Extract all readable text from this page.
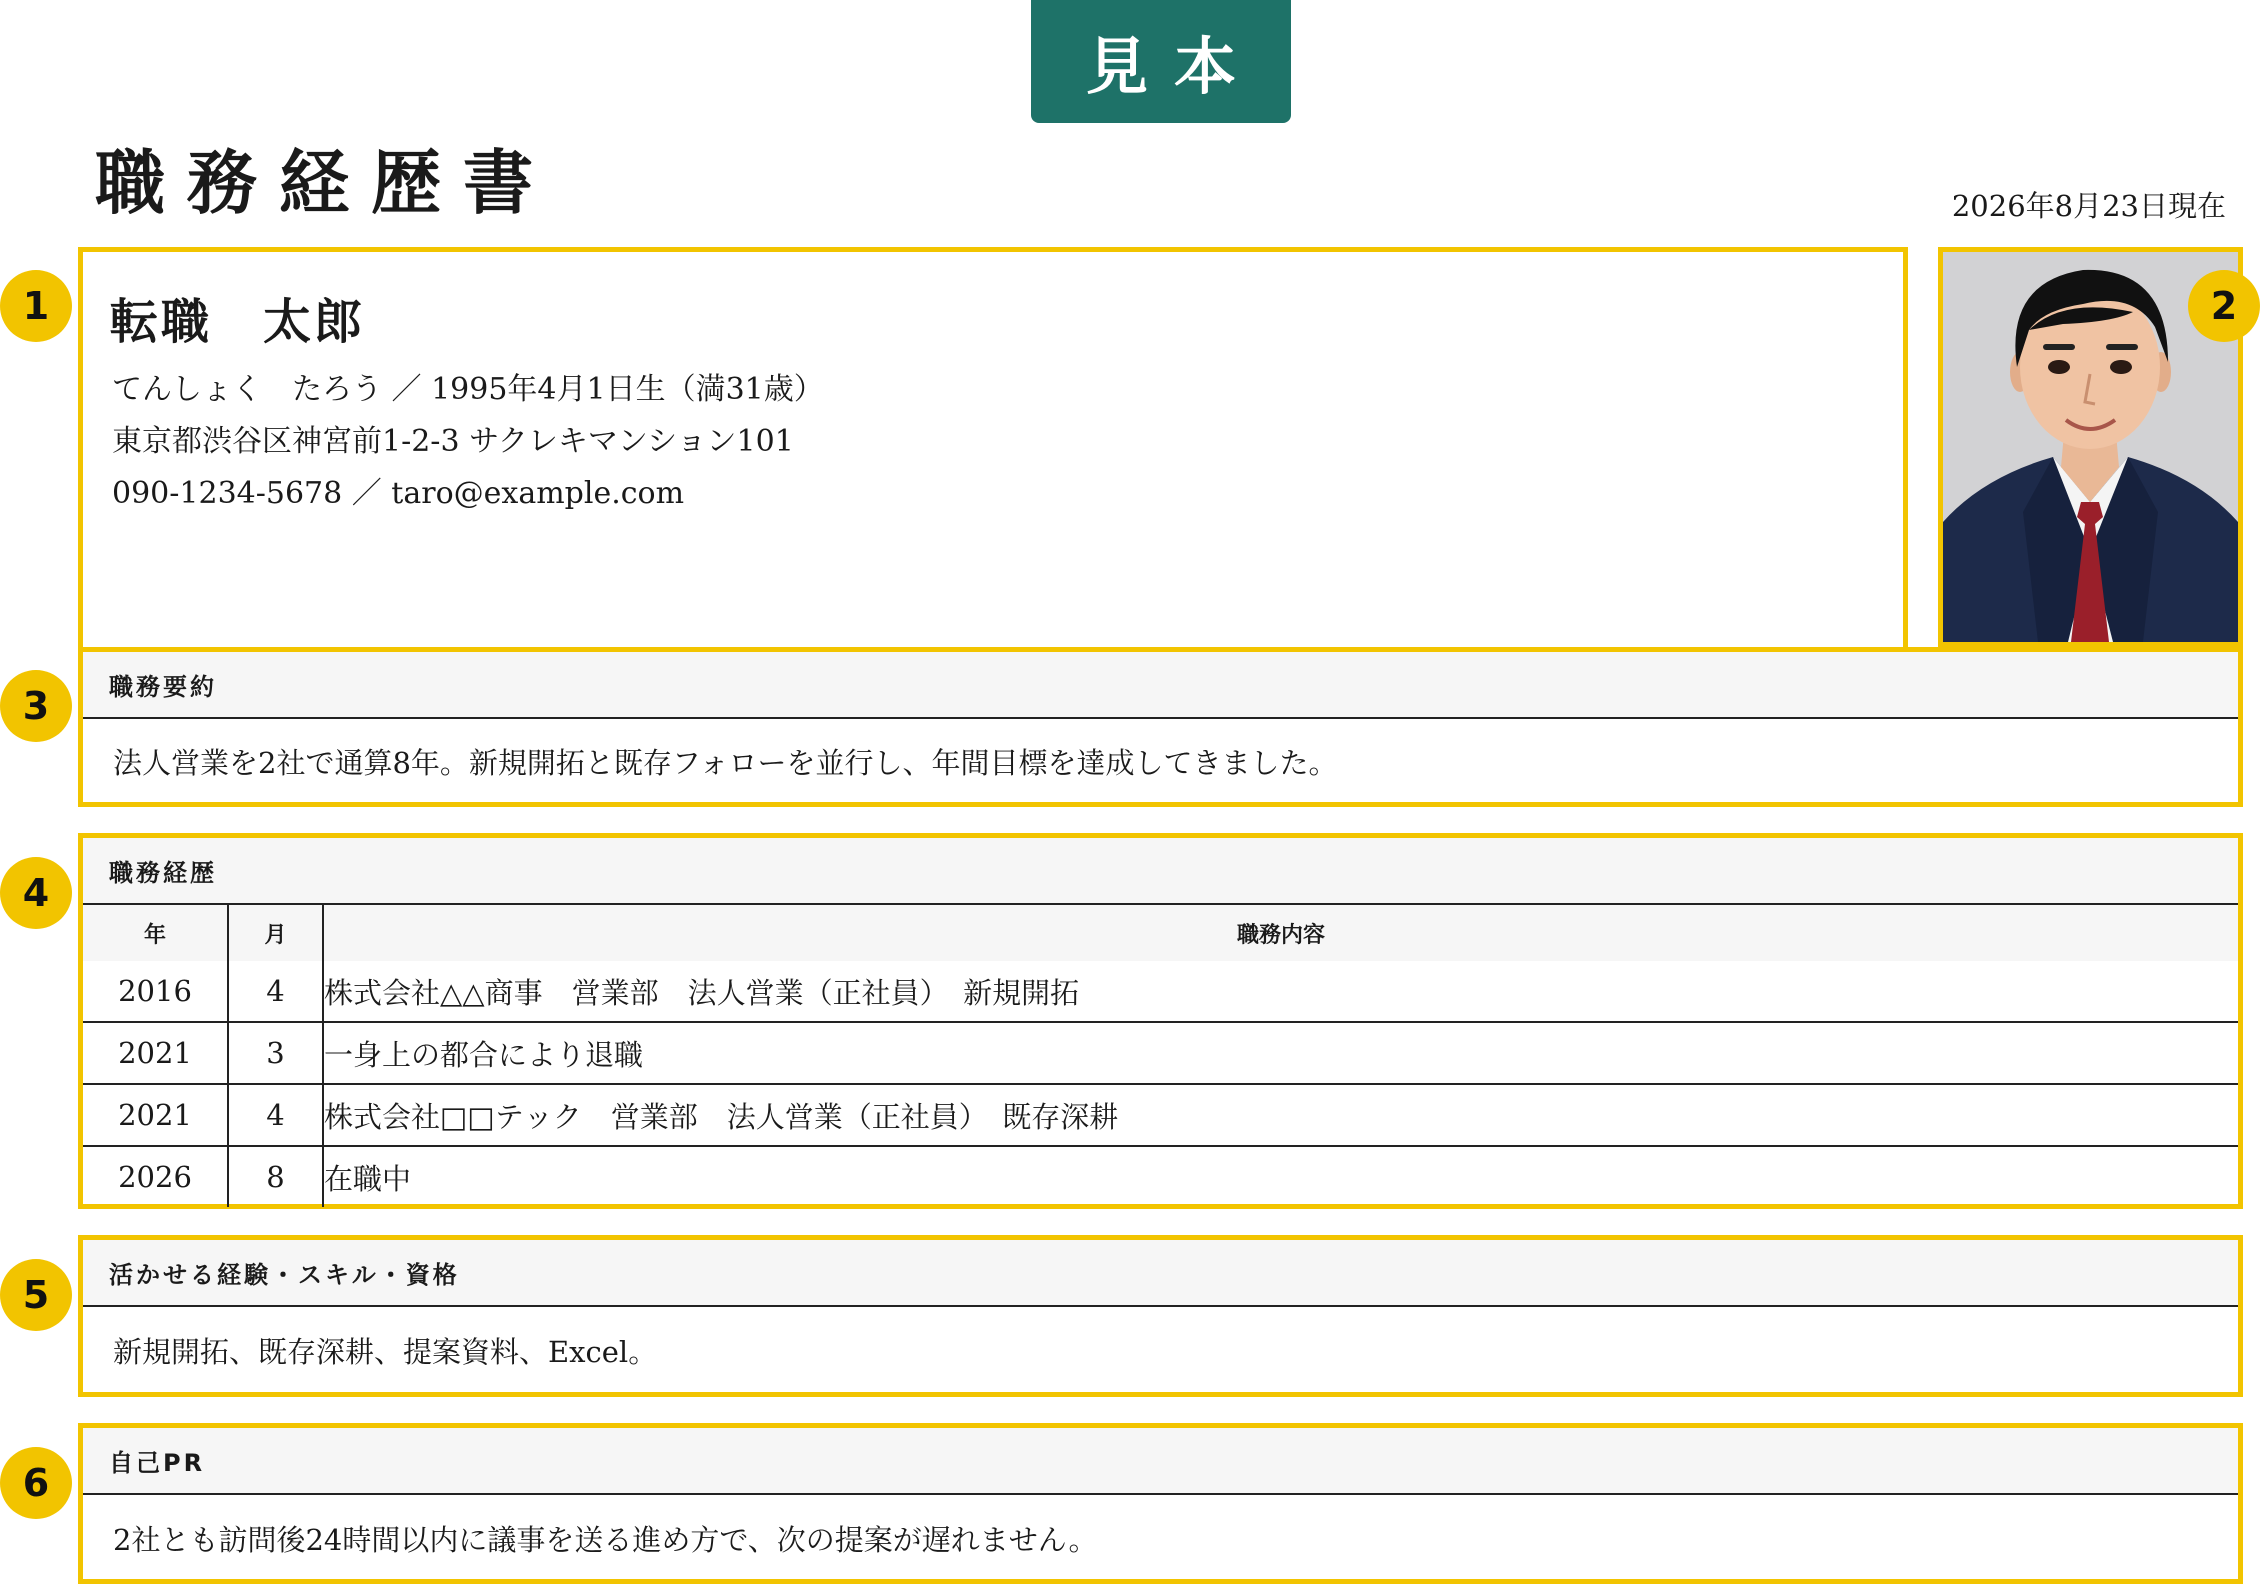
見本
職務経歴書	2026年8月23日現在
転職　太郎
てんしょく　たろう ／ 1995年4月1日生（満31歳）
東京都渋谷区神宮前1-2-3 サクレキマンション101
090-1234-5678 ／ taro@example.com
職務要約
法人営業を2社で通算8年。新規開拓と既存フォローを並行し、年間目標を達成してきました。
職務経歴
年	月	職務内容
2016	4	株式会社△△商事　営業部　法人営業（正社員）　新規開拓
2021	3	一身上の都合により退職
2021	4	株式会社□□テック　営業部　法人営業（正社員）　既存深耕
2026	8	在職中
活かせる経験・スキル・資格
新規開拓、既存深耕、提案資料、Excel。
自己PR
2社とも訪問後24時間以内に議事を送る進め方で、次の提案が遅れません。
1	2
3
4
5
6
